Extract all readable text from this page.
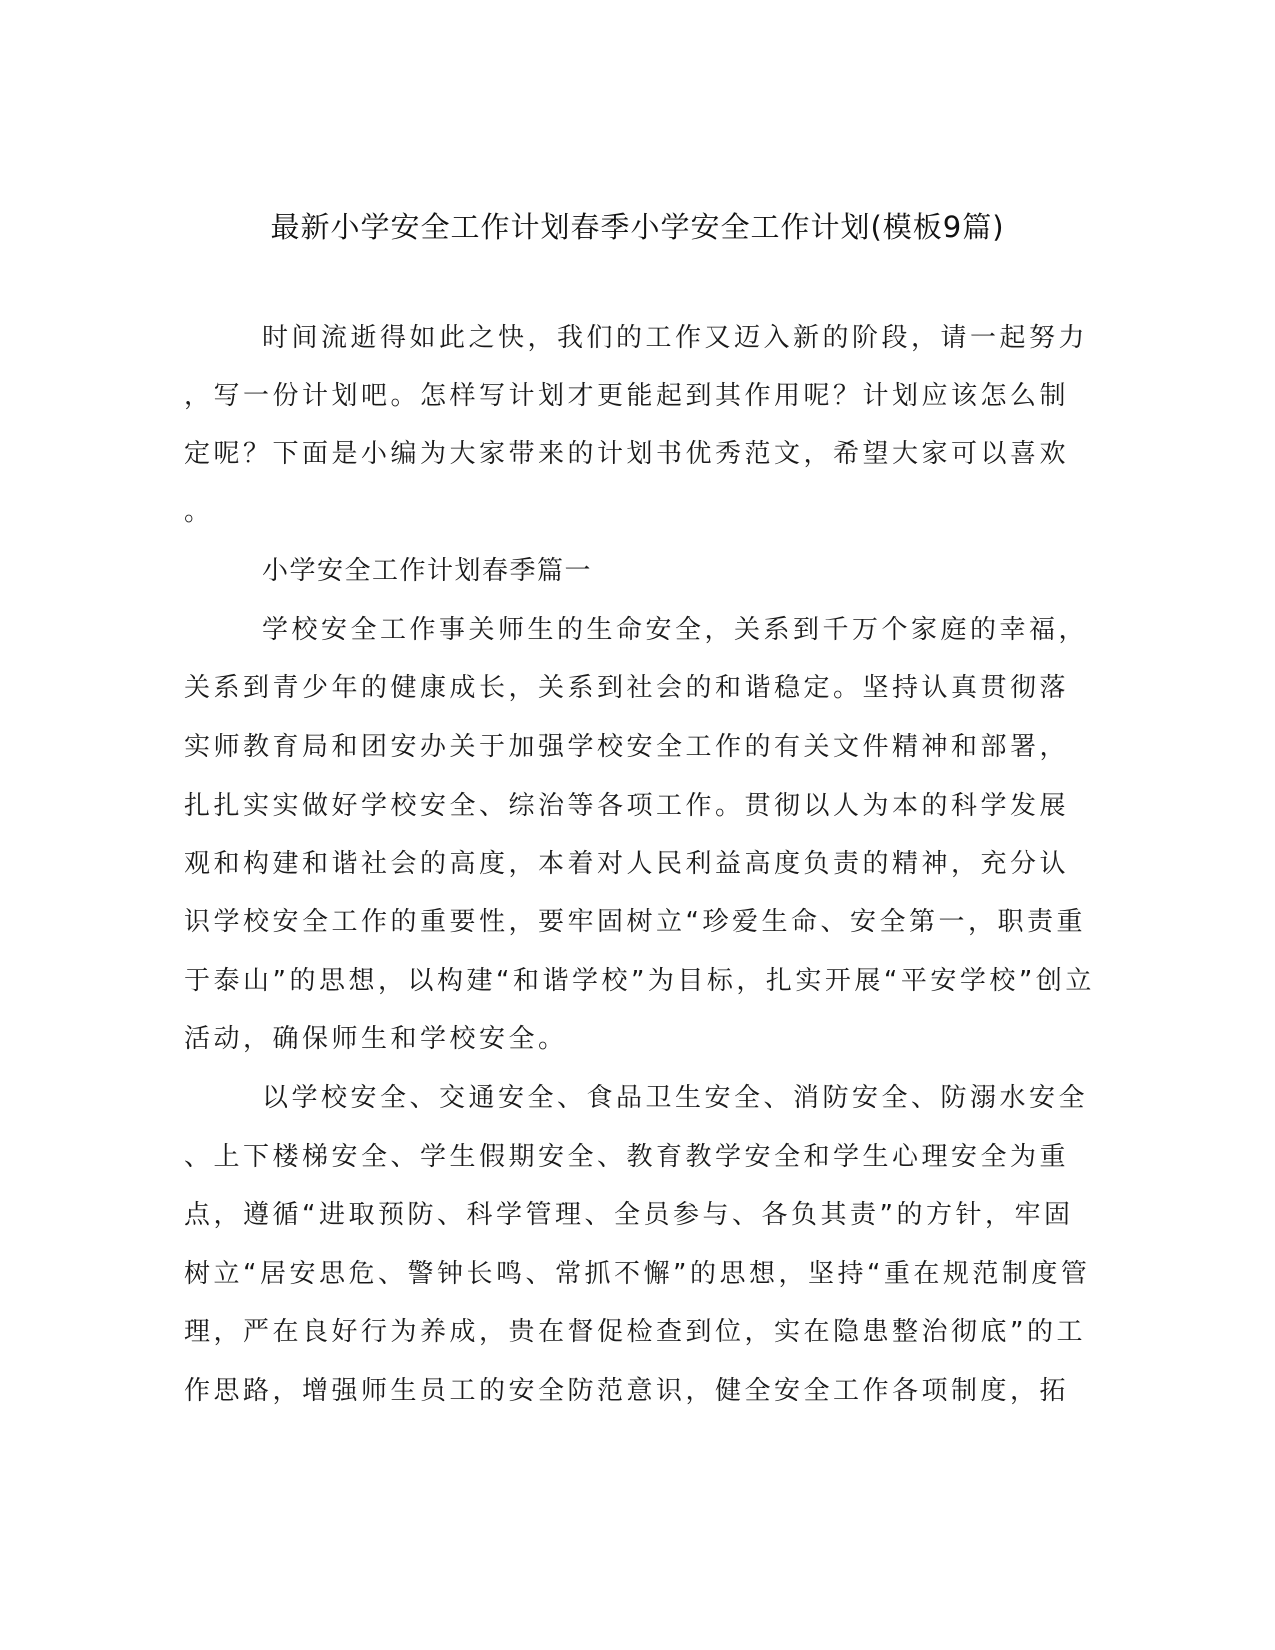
最新小学安全工作计划春季小学安全工作计划(模板9篇)
时间流逝得如此之快，我们的工作又迈入新的阶段，请一起努力
，写一份计划吧。怎样写计划才更能起到其作用呢？计划应该怎么制
定呢？下面是小编为大家带来的计划书优秀范文，希望大家可以喜欢
。
小学安全工作计划春季篇一
学校安全工作事关师生的生命安全，关系到千万个家庭的幸福，
关系到青少年的健康成长，关系到社会的和谐稳定。坚持认真贯彻落
实师教育局和团安办关于加强学校安全工作的有关文件精神和部署，
扎扎实实做好学校安全、综治等各项工作。贯彻以人为本的科学发展
观和构建和谐社会的高度，本着对人民利益高度负责的精神，充分认
识学校安全工作的重要性，要牢固树立“珍爱生命、安全第一，职责重
于泰山”的思想，以构建“和谐学校”为目标，扎实开展“平安学校”创立
活动，确保师生和学校安全。
以学校安全、交通安全、食品卫生安全、消防安全、防溺水安全
、上下楼梯安全、学生假期安全、教育教学安全和学生心理安全为重
点，遵循“进取预防、科学管理、全员参与、各负其责”的方针，牢固
树立“居安思危、警钟长鸣、常抓不懈”的思想，坚持“重在规范制度管
理，严在良好行为养成，贵在督促检查到位，实在隐患整治彻底”的工
作思路，增强师生员工的安全防范意识，健全安全工作各项制度，拓
